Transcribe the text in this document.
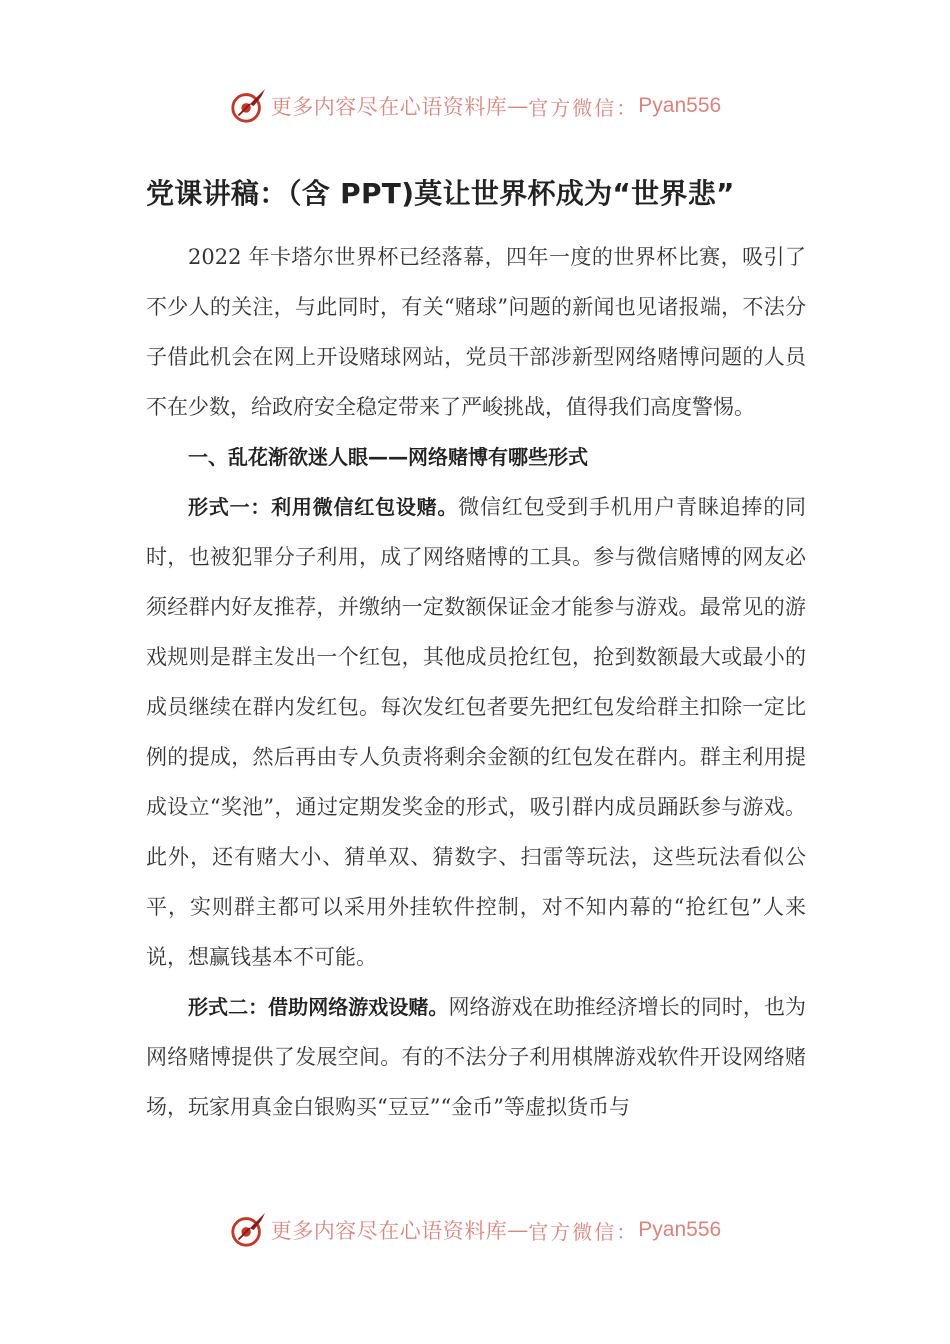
更多内容尽在心语资料库 — 官方微信： Pyan556
党课讲稿：（含 PPT)莫让世界杯成为“世界悲”

2022 年卡塔尔世界杯已经落幕，四年一度的世界杯比赛，吸引了不少人的关注，与此同时，有关“赌球”问题的新闻也见诸报端，不法分子借此机会在网上开设赌球网站，党员干部涉新型网络赌博问题的人员不在少数，给政府安全稳定带来了严峻挑战，值得我们高度警惕。

一、乱花渐欲迷人眼——网络赌博有哪些形式

形式一：利用微信红包设赌。微信红包受到手机用户青睐追捧的同时，也被犯罪分子利用，成了网络赌博的工具。参与微信赌博的网友必须经群内好友推荐，并缴纳一定数额保证金才能参与游戏。最常见的游戏规则是群主发出一个红包，其他成员抢红包，抢到数额最大或最小的成员继续在群内发红包。每次发红包者要先把红包发给群主扣除一定比例的提成，然后再由专人负责将剩余金额的红包发在群内。群主利用提成设立“奖池”，通过定期发奖金的形式，吸引群内成员踊跃参与游戏。此外，还有赌大小、猜单双、猜数字、扫雷等玩法，这些玩法看似公平，实则群主都可以采用外挂软件控制，对不知内幕的“抢红包”人来说，想赢钱基本不可能。

形式二：借助网络游戏设赌。网络游戏在助推经济增长的同时，也为网络赌博提供了发展空间。有的不法分子利用棋牌游戏软件开设网络赌场，玩家用真金白银购买“豆豆”“金币”等虚拟货币与

更多内容尽在心语资料库 — 官方微信： Pyan556
